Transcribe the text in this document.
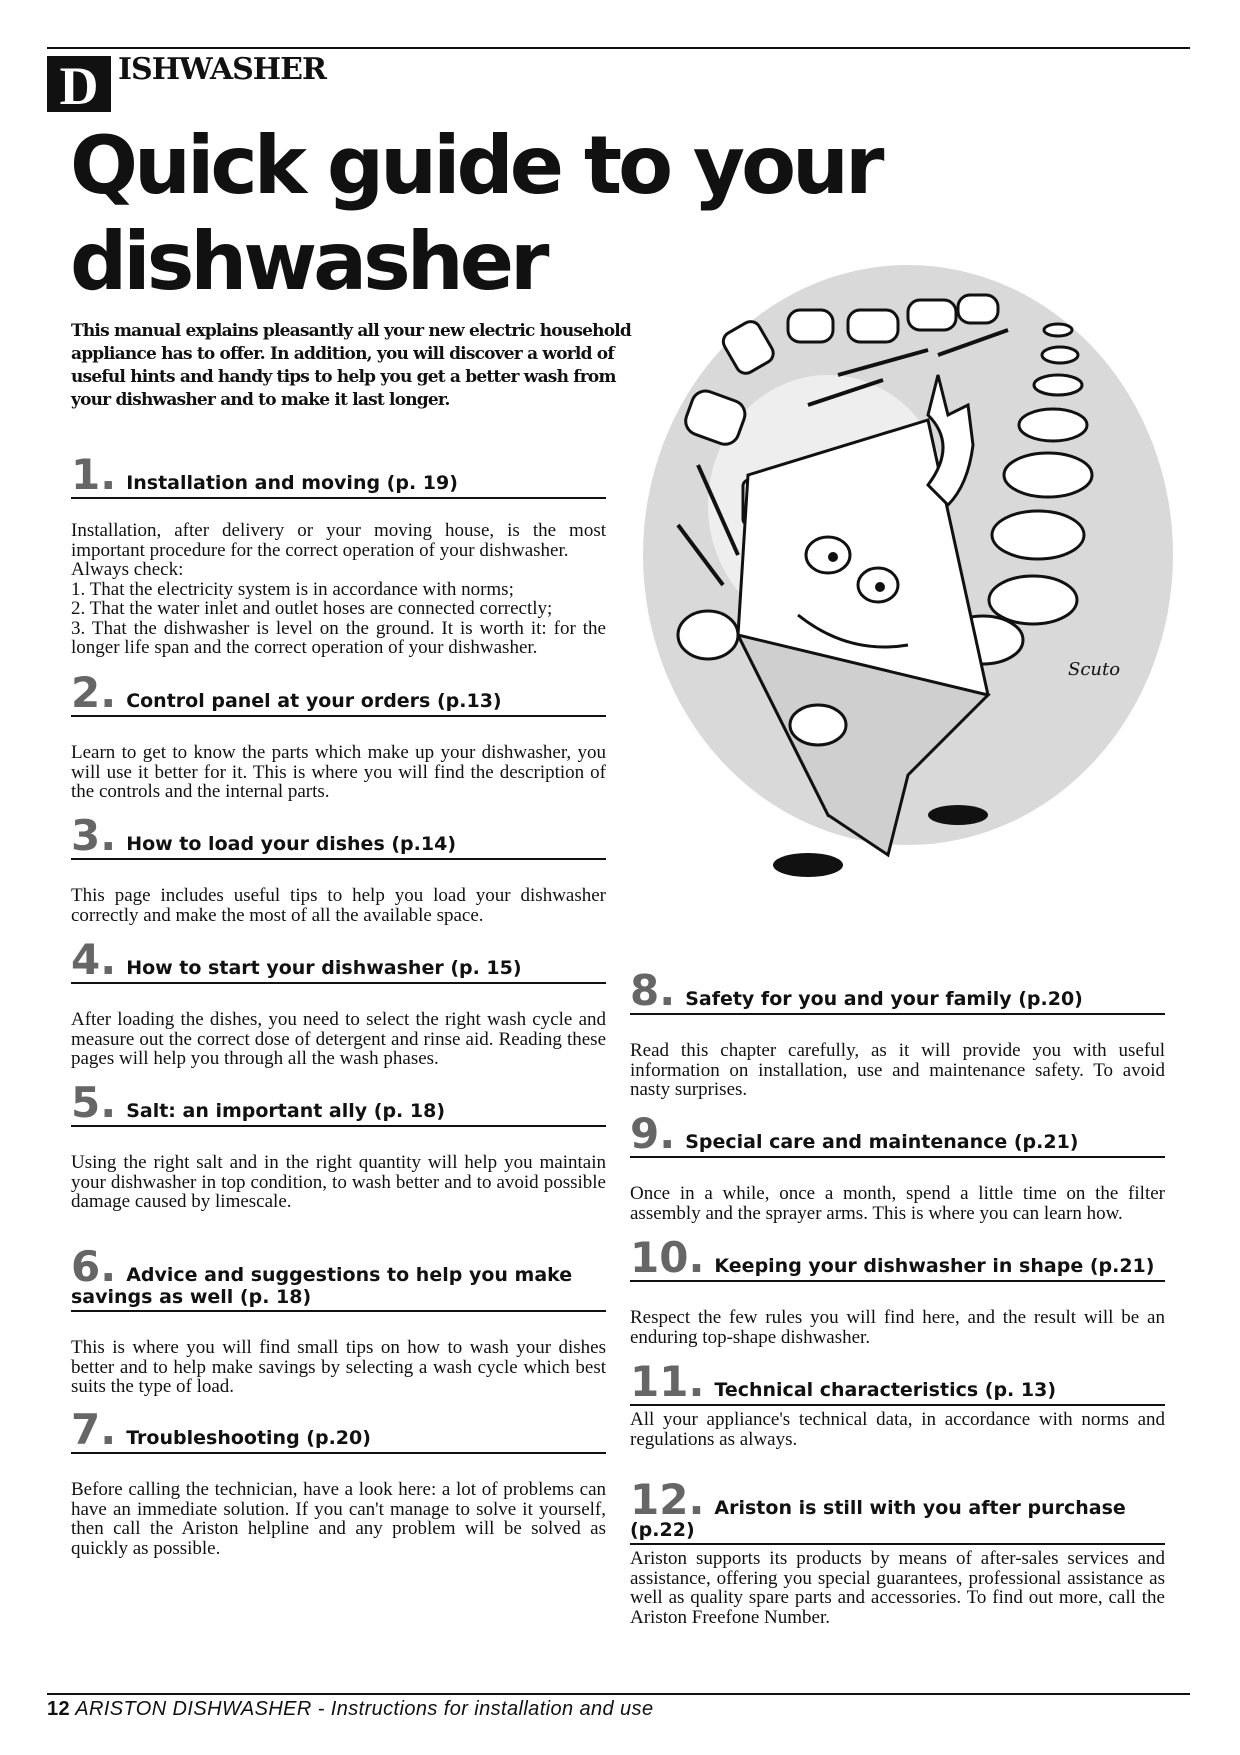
D ISHWASHER
Quick guide to your
dishwasher

This manual explains pleasantly all your new electric household appliance has to offer. In addition, you will discover a world of useful hints and handy tips to help you get a better wash from your dishwasher and to make it last longer.

1. Installation and moving (p. 19)
Installation, after delivery or your moving house, is the most important procedure for the correct operation of your dishwasher.
Always check:
1. That the electricity system is in accordance with norms;
2. That the water inlet and outlet hoses are connected correctly;
3. That the dishwasher is level on the ground. It is worth it: for the longer life span and the correct operation of your dishwasher.
2. Control panel at your orders (p.13)
Learn to get to know the parts which make up your dishwasher, you will use it better for it. This is where you will find the description of the controls and the internal parts.
3. How to load your dishes (p.14)
This page includes useful tips to help you load your dishwasher correctly and make the most of all the available space.
4. How to start your dishwasher (p. 15)
After loading the dishes, you need to select the right wash cycle and measure out the correct dose of detergent and rinse aid. Reading these pages will help you through all the wash phases.
5. Salt: an important ally (p. 18)
Using the right salt and in the right quantity will help you maintain your dishwasher in top condition, to wash better and to avoid possible damage caused by limescale.
6. Advice and suggestions to help you make savings as well (p. 18)
This is where you will find small tips on how to wash your dishes better and to help make savings by selecting a wash cycle which best suits the type of load.
7. Troubleshooting (p.20)
Before calling the technician, have a look here: a lot of problems can have an immediate solution. If you can't manage to solve it yourself, then call the Ariston helpline and any problem will be solved as quickly as possible.
8. Safety for you and your family (p.20)
Read this chapter carefully, as it will provide you with useful information on installation, use and maintenance safety. To avoid nasty surprises.
9. Special care and maintenance (p.21)
Once in a while, once a month, spend a little time on the filter assembly and the sprayer arms. This is where you can learn how.
10. Keeping your dishwasher in shape (p.21)
Respect the few rules you will find here, and the result will be an enduring top-shape dishwasher.
11. Technical characteristics (p. 13)
All your appliance's technical data, in accordance with norms and regulations as always.
12. Ariston is still with you after purchase (p.22)
Ariston supports its products by means of after-sales services and assistance, offering you special guarantees, professional assistance as well as quality spare parts and accessories. To find out more, call the Ariston Freefone Number.
Scuto
12 ARISTON DISHWASHER - Instructions for installation and use
